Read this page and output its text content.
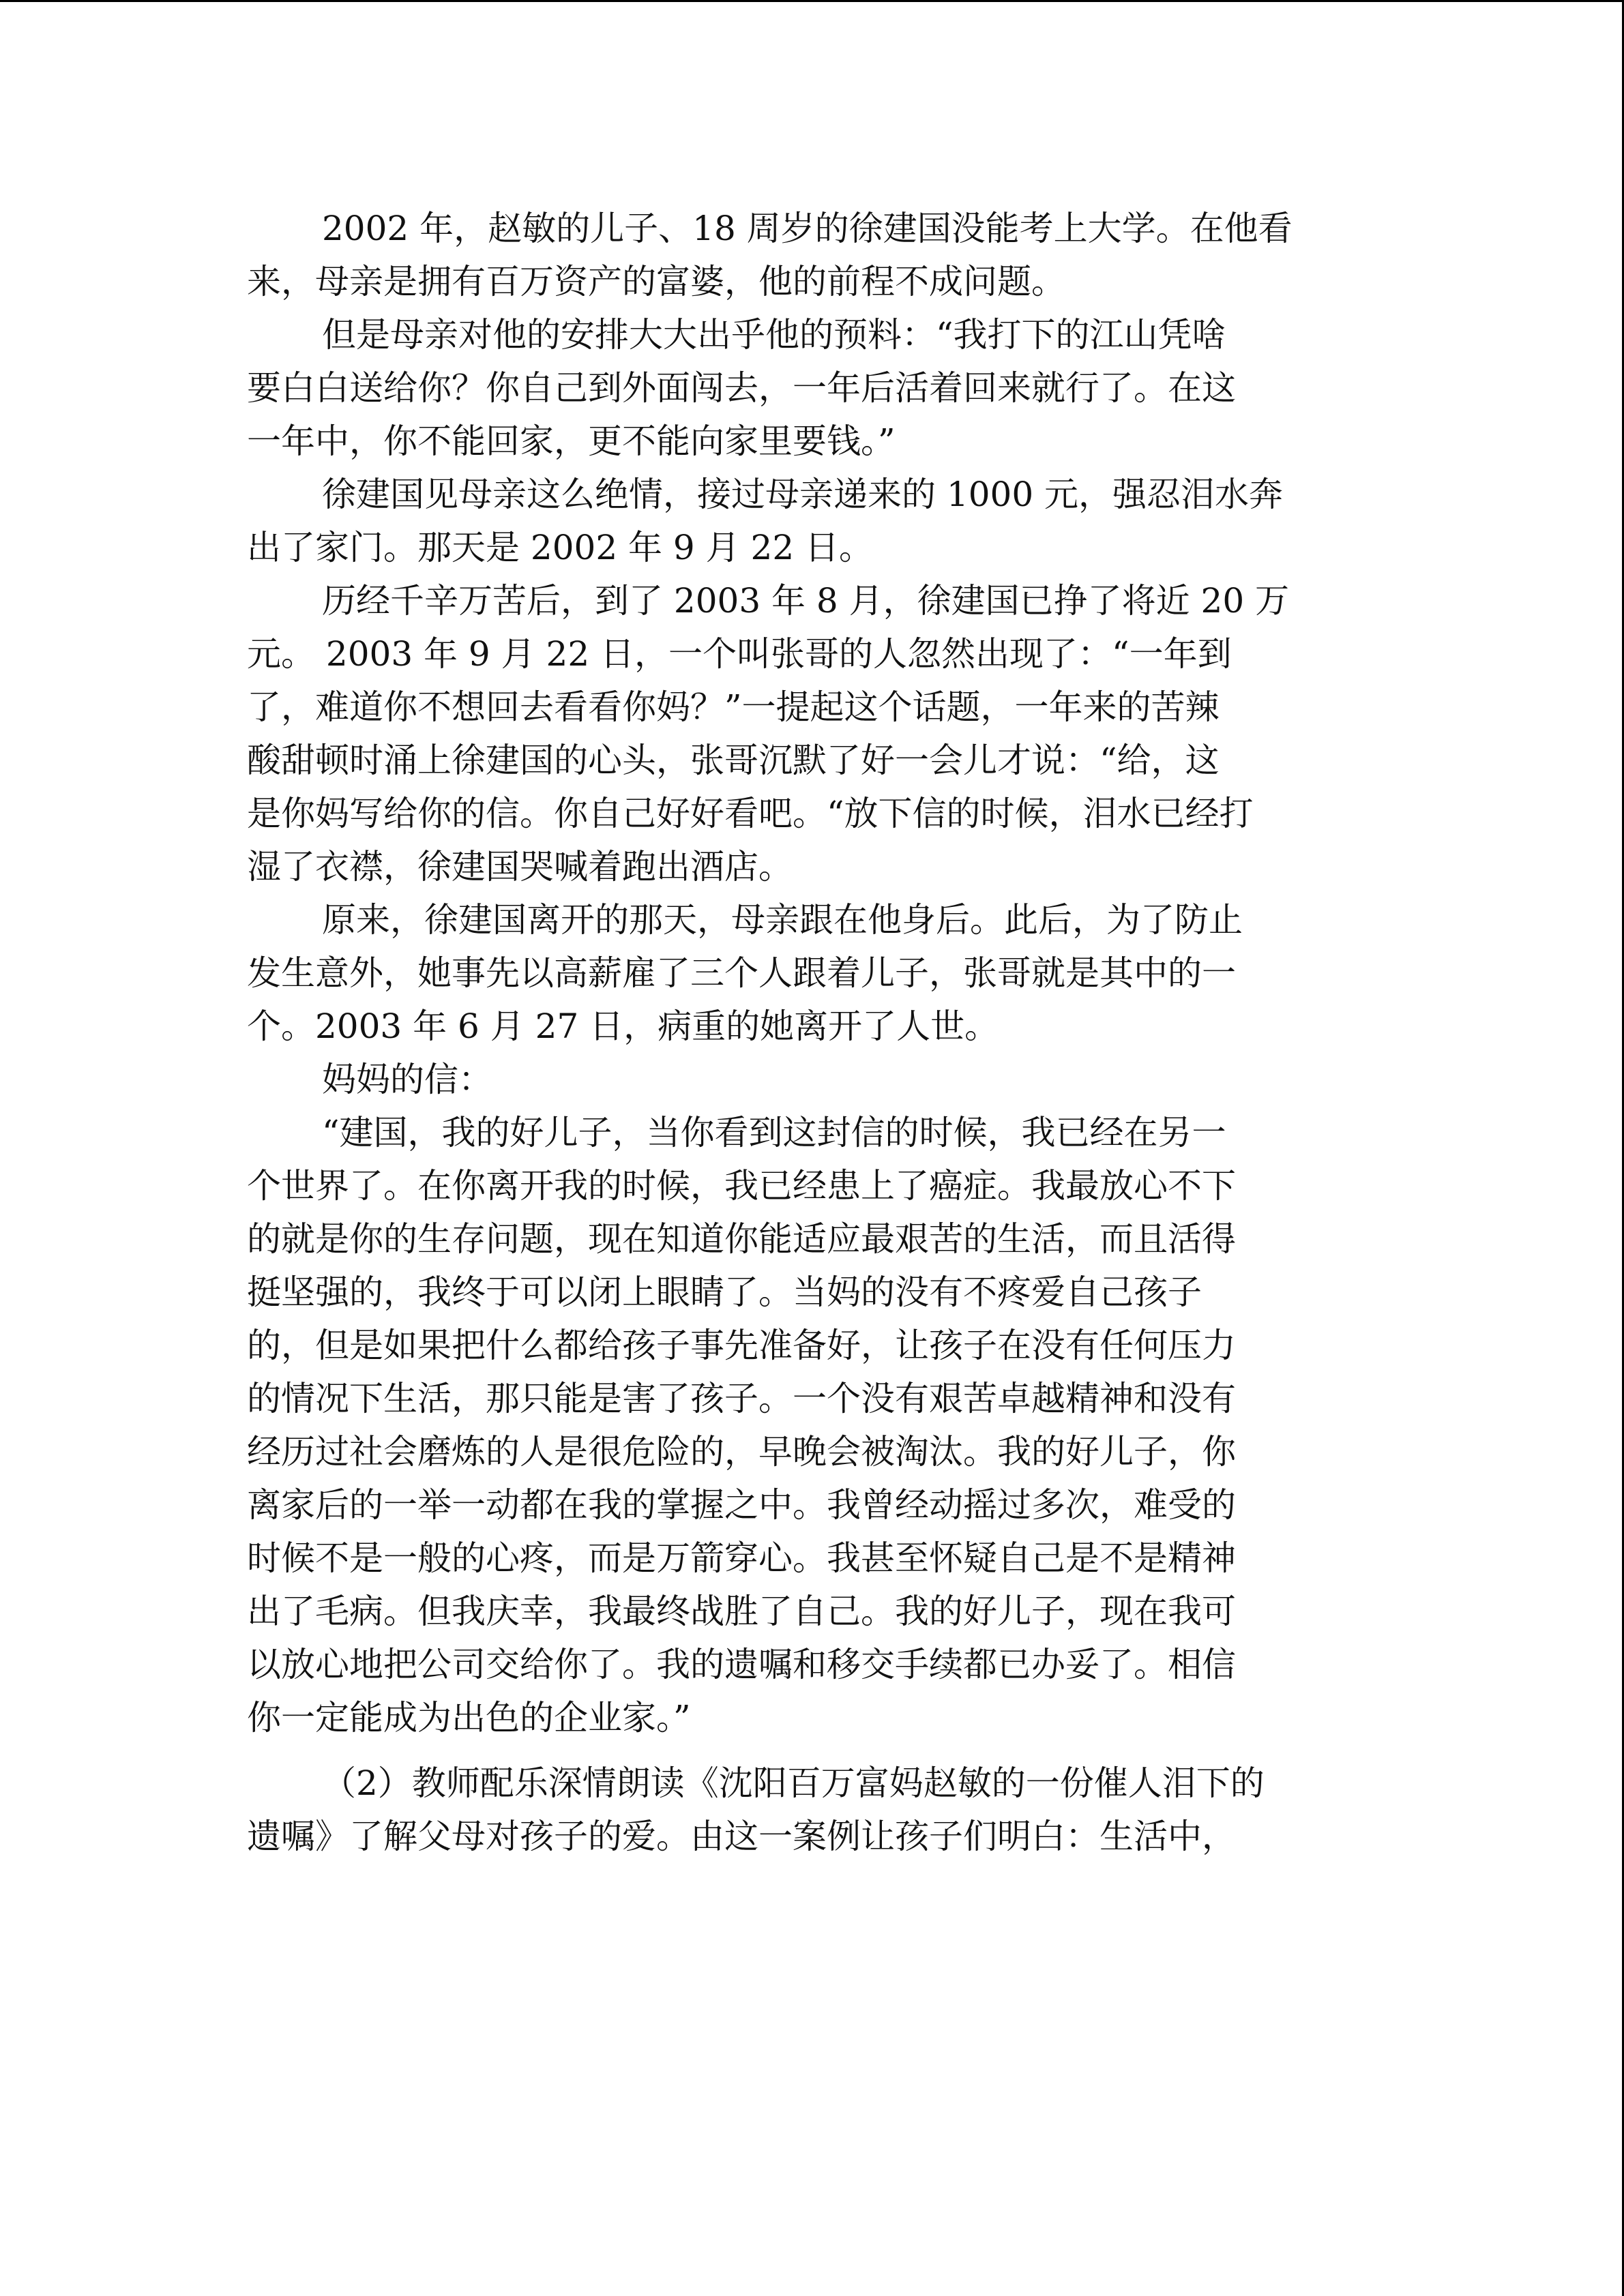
2002 年，赵敏的儿子、18 周岁的徐建国没能考上大学。在他看
来，母亲是拥有百万资产的富婆，他的前程不成问题。
但是母亲对他的安排大大出乎他的预料：“我打下的江山凭啥
要白白送给你？你自己到外面闯去，一年后活着回来就行了。在这
一年中，你不能回家，更不能向家里要钱。”
徐建国见母亲这么绝情，接过母亲递来的 1000 元，强忍泪水奔
出了家门。那天是 2002 年 9 月 22 日。
历经千辛万苦后，到了 2003 年 8 月，徐建国已挣了将近 20 万
元。 2003 年 9 月 22 日，一个叫张哥的人忽然出现了：“一年到
了，难道你不想回去看看你妈？”一提起这个话题，一年来的苦辣
酸甜顿时涌上徐建国的心头，张哥沉默了好一会儿才说：“给，这
是你妈写给你的信。你自己好好看吧。“放下信的时候，泪水已经打
湿了衣襟，徐建国哭喊着跑出酒店。
原来，徐建国离开的那天，母亲跟在他身后。此后，为了防止
发生意外，她事先以高薪雇了三个人跟着儿子，张哥就是其中的一
个。2003 年 6 月 27 日，病重的她离开了人世。
妈妈的信：
“建国，我的好儿子，当你看到这封信的时候，我已经在另一
个世界了。在你离开我的时候，我已经患上了癌症。我最放心不下
的就是你的生存问题，现在知道你能适应最艰苦的生活，而且活得
挺坚强的，我终于可以闭上眼睛了。当妈的没有不疼爱自己孩子
的，但是如果把什么都给孩子事先准备好，让孩子在没有任何压力
的情况下生活，那只能是害了孩子。一个没有艰苦卓越精神和没有
经历过社会磨炼的人是很危险的，早晚会被淘汰。我的好儿子，你
离家后的一举一动都在我的掌握之中。我曾经动摇过多次，难受的
时候不是一般的心疼，而是万箭穿心。我甚至怀疑自己是不是精神
出了毛病。但我庆幸，我最终战胜了自己。我的好儿子，现在我可
以放心地把公司交给你了。我的遗嘱和移交手续都已办妥了。相信
你一定能成为出色的企业家。”
（2）教师配乐深情朗读《沈阳百万富妈赵敏的一份催人泪下的
遗嘱》了解父母对孩子的爱。由这一案例让孩子们明白：生活中，
